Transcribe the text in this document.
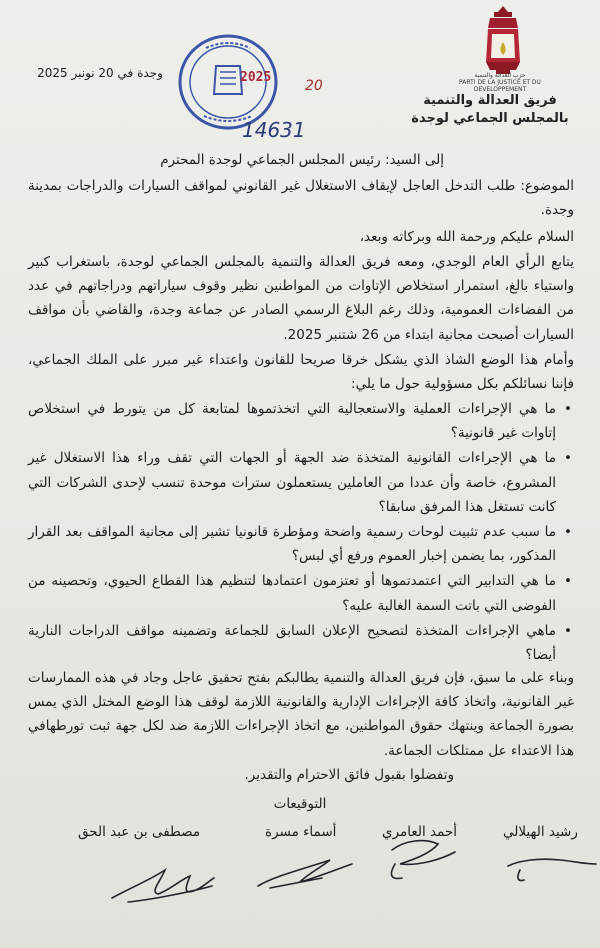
حزب العدالة والتنمية
PARTI DE LA JUSTICE ET DU DEVELOPPEMENT
فريق العدالة والتنمية
بالمجلس الجماعي لوجدة
وجدة في 20 نونبر 2025	2025
20
14631
إلى السيد: رئيس المجلس الجماعي لوجدة المحترم
الموضوع: طلب التدخل العاجل لإيقاف الاستغلال غير القانوني لمواقف السيارات والدراجات بمدينة وجدة.
السلام عليكم ورحمة الله وبركاته وبعد،
يتابع الرأي العام الوجدي، ومعه فريق العدالة والتنمية بالمجلس الجماعي لوجدة، باستغراب كبير واستياء بالغ، استمرار استخلاص الإتاوات من المواطنين نظير وقوف سياراتهم ودراجاتهم في عدد من الفضاءات العمومية، وذلك رغم البلاغ الرسمي الصادر عن جماعة وجدة، والقاضي بأن مواقف السيارات أصبحت مجانية ابتداء من 26 شتنبر 2025.
وأمام هذا الوضع الشاذ الذي يشكل خرقا صريحا للقانون واعتداء غير مبرر على الملك الجماعي، فإننا نسائلكم بكل مسؤولية حول ما يلي:
• ما هي الإجراءات العملية والاستعجالية التي اتخذتموها لمتابعة كل من يتورط في استخلاص إتاوات غير قانونية؟
• ما هي الإجراءات القانونية المتخذة ضد الجهة أو الجهات التي تقف وراء هذا الاستغلال غير المشروع، خاصة وأن عددا من العاملين يستعملون سترات موحدة تنسب لإحدى الشركات التي كانت تستغل هذا المرفق سابقا؟
• ما سبب عدم تثبيت لوحات رسمية واضحة ومؤطرة قانونيا تشير إلى مجانية المواقف بعد القرار المذكور، بما يضمن إخبار العموم ورفع أي لبس؟
• ما هي التدابير التي اعتمدتموها أو تعتزمون اعتمادها لتنظيم هذا القطاع الحيوي، وتحصينه من الفوضى التي باتت السمة الغالبة عليه؟
• ماهي الإجراءات المتخذة لتصحيح الإعلان السابق للجماعة وتضمينه مواقف الدراجات النارية أيضا؟
وبناء على ما سبق، فإن فريق العدالة والتنمية يطالبكم بفتح تحقيق عاجل وجاد في هذه الممارسات غير القانونية، واتخاذ كافة الإجراءات الإدارية والقانونية اللازمة لوقف هذا الوضع المختل الذي يمس بصورة الجماعة وينتهك حقوق المواطنين، مع اتخاذ الإجراءات اللازمة ضد لكل جهة ثبت تورطهافي هذا الاعتداء عل ممتلكات الجماعة.
وتفضلوا بقبول فائق الاحترام والتقدير.
التوقيعات
رشيد الهيلالي
أحمد العامري
أسماء مسرة
مصطفى بن عبد الحق
